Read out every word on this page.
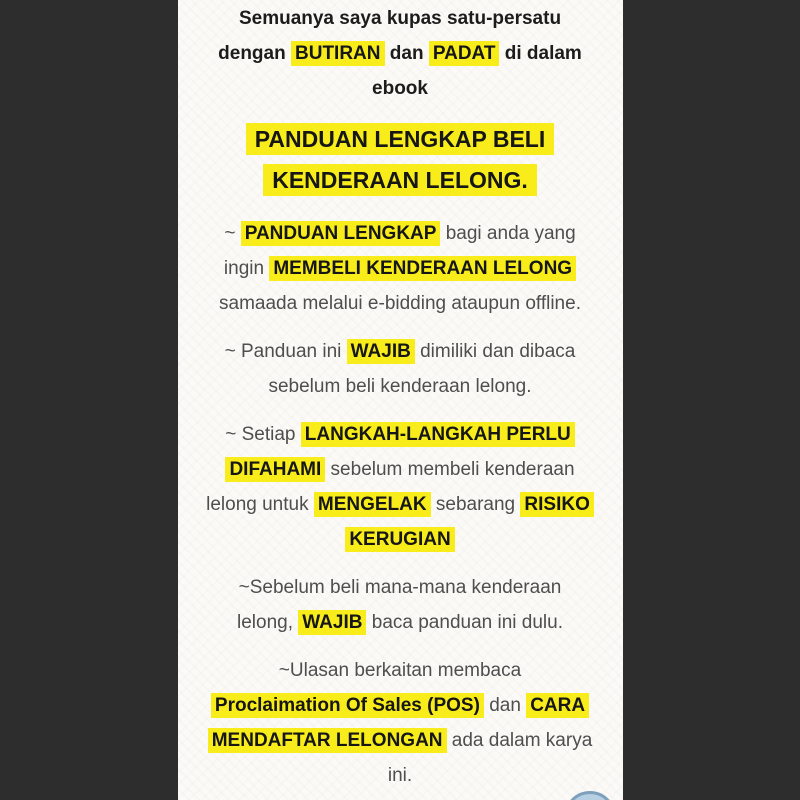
Semuanya saya kupas satu-persatu
dengan BUTIRAN dan PADAT di dalam
ebook

PANDUAN LENGKAP BELI
KENDERAAN LELONG.

~ PANDUAN LENGKAP bagi anda yang
ingin MEMBELI KENDERAAN LELONG
samaada melalui e-bidding ataupun offline.

~ Panduan ini WAJIB dimiliki dan dibaca
sebelum beli kenderaan lelong.

~ Setiap LANGKAH-LANGKAH PERLU
DIFAHAMI sebelum membeli kenderaan
lelong untuk MENGELAK sebarang RISIKO
KERUGIAN

~Sebelum beli mana-mana kenderaan
lelong, WAJIB baca panduan ini dulu.

~Ulasan berkaitan membaca
Proclaimation Of Sales (POS) dan CARA
MENDAFTAR LELONGAN ada dalam karya
ini.
